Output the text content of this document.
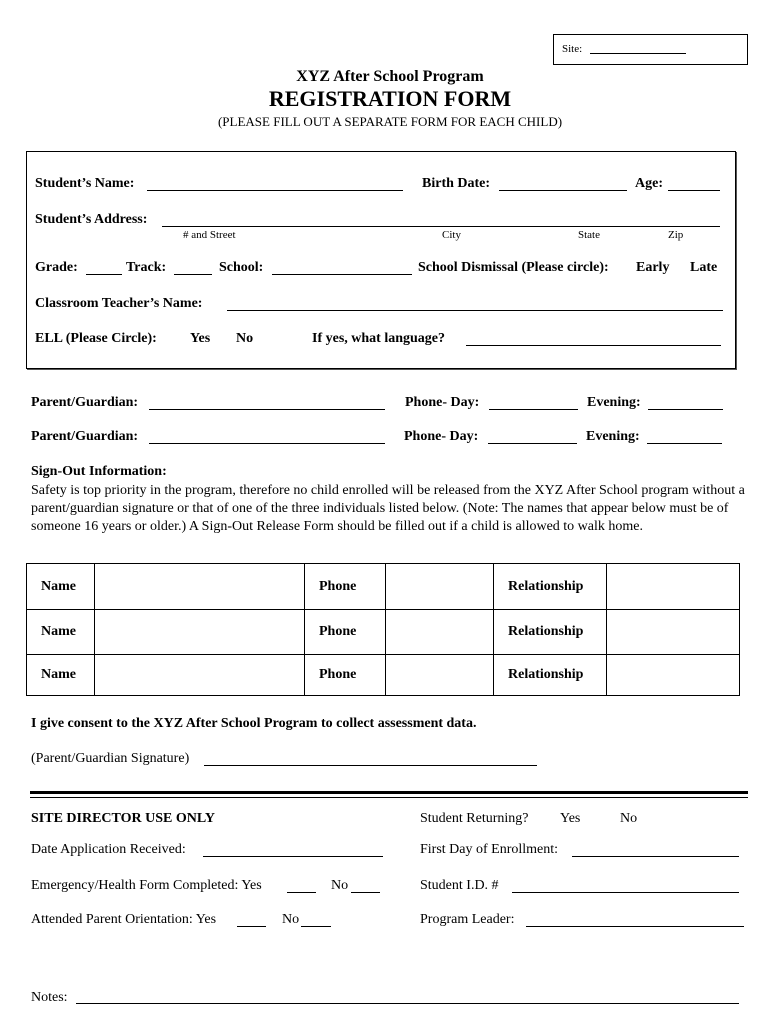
Site:
XYZ After School Program
REGISTRATION FORM
(PLEASE FILL OUT A SEPARATE FORM FOR EACH CHILD)
Student’s Name:	Birth Date:	Age:
Student’s Address:
# and Street	City	State	Zip
Grade:	Track:	School:	School Dismissal (Please circle): Early Late
Classroom Teacher’s Name:
ELL (Please Circle): Yes No	If yes, what language?
Parent/Guardian:	Phone- Day:	Evening:
Parent/Guardian:	Phone- Day:	Evening:
Sign-Out Information:
Safety is top priority in the program, therefore no child enrolled will be released from the XYZ After School program without a parent/guardian signature or that of one of the three individuals listed below. (Note: The names that appear below must be of someone 16 years or older.) A Sign-Out Release Form should be filled out if a child is allowed to walk home.
Name		Phone		Relationship	
Name		Phone		Relationship	
Name		Phone		Relationship	
I give consent to the XYZ After School Program to collect assessment data.
(Parent/Guardian Signature)
SITE DIRECTOR USE ONLY	Student Returning? Yes	No
Date Application Received:	First Day of Enrollment:
Emergency/Health Form Completed: Yes	No	Student I.D. #
Attended Parent Orientation: Yes	No	Program Leader:
Notes:
